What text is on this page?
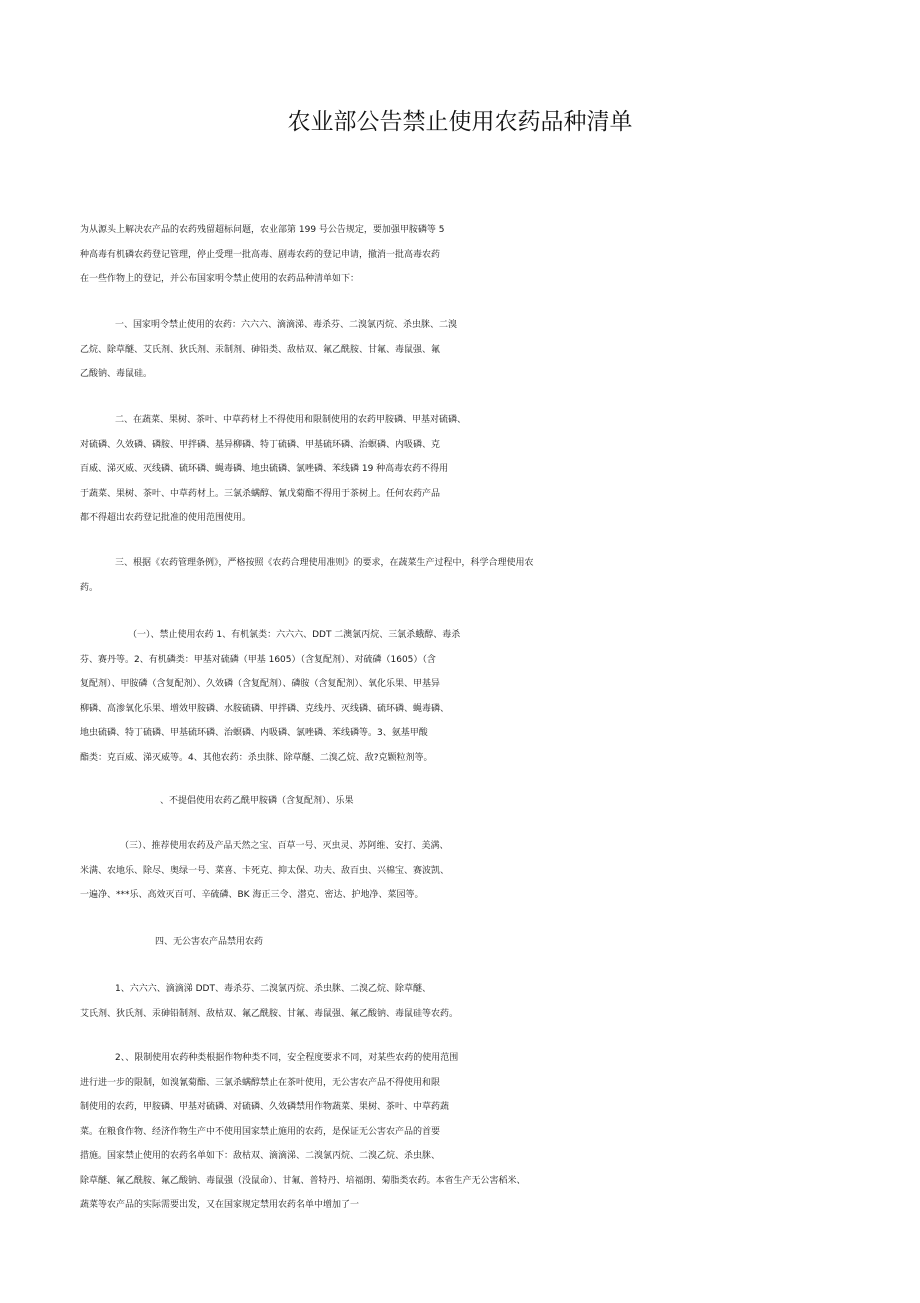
农业部公告禁止使用农药品种清单

为从源头上解决农产品的农药残留超标问题，农业部第 199 号公告规定，要加强甲胺磷等 5

种高毒有机磷农药登记管理，停止受理一批高毒、剧毒农药的登记申请，撤消一批高毒农药

在一些作物上的登记，并公布国家明令禁止使用的农药品种清单如下：

一、国家明令禁止使用的农药：六六六、滴滴涕、毒杀芬、二溴氯丙烷、杀虫脒、二溴

乙烷、除草醚、艾氏剂、狄氏剂、汞制剂、砷铅类、敌枯双、氟乙酰胺、甘氟、毒鼠强、氟

乙酸钠、毒鼠硅。

二、在蔬菜、果树、茶叶、中草药材上不得使用和限制使用的农药甲胺磷、甲基对硫磷、

对硫磷、久效磷、磷胺、甲拌磷、基异柳磷、特丁硫磷、甲基硫环磷、治螟磷、内吸磷、克

百威、涕灭威、灭线磷、硫环磷、蝇毒磷、地虫硫磷、氯唑磷、苯线磷 19 种高毒农药不得用

于蔬菜、果树、茶叶、中草药材上。三氯杀螨醇、氰戊菊酯不得用于茶树上。任何农药产品

都不得超出农药登记批准的使用范围使用。

三、根据《农药管理条例》，严格按照《农药合理使用准则》的要求，在蔬菜生产过程中，科学合理使用农

药。

（一）、禁止使用农药 1、有机氯类：六六六、DDT 二澳氯丙烷、三氯杀蛾醇、毒杀

芬、赛丹等。2、有机磷类：甲基对硫磷（甲基 1605）（含复配剂）、对硫磷（1605）（含

复配剂）、甲胺磷（含复配剂）、久效磷（含复配剂）、磷胺（含复配剂）、氧化乐果、甲基异

柳磷、高渗氧化乐果、增效甲胺磷、水胺硫磷、甲拌磷、克线丹、灭线磷、硫环磷、蝇毒磷、

地虫硫磷、特丁硫磷、甲基硫环磷、治螟磷、内吸磷、氯唑磷、苯线磷等。3、氨基甲酸

酯类：克百威、涕灭威等。4、其他农药：杀虫脒、除草醚、二溴乙烷、敌?克颗粒剂等。

、不提倡使用农药乙酰甲胺磷（含复配剂）、乐果

（三）、推荐使用农药及产品天然之宝、百草一号、灭虫灵、苏阿维、安打、美满、

米满、农地乐、除尽、奥绿一号、菜喜、卡死克、抑太保、功夫、敌百虫、兴棉宝、赛波凯、

一遍净、***乐、高效灭百可、辛硫磷、BK 海正三令、潜克、密达、护地净、菜园等。

四、无公害农产品禁用农药

1、六六六、滴滴涕 DDT、毒杀芬、二溴氯丙烷、杀虫脒、二溴乙烷、除草醚、

艾氏剂、狄氏剂、汞砷铅制剂、敌枯双、氟乙酰胺、甘氟、毒鼠强、氟乙酸钠、毒鼠硅等农药。

2、、限制使用农药种类根据作物种类不同，安全程度要求不同，对某些农药的使用范围

进行进一步的限制，如溴氰菊酯、三氯杀螨醇禁止在茶叶使用，无公害农产品不得使用和限

制使用的农药，甲胺磷、甲基对硫磷、对硫磷、久效磷禁用作物蔬菜、果树、茶叶、中草药蔬

菜。在粮食作物、经济作物生产中不使用国家禁止施用的农药，是保证无公害农产品的首要

措施。国家禁止使用的农药名单如下：敌枯双、滴滴涕、二溴氯丙烷、二溴乙烷、杀虫脒、

除草醚、氟乙酰胺、氟乙酸钠、毒鼠强（没鼠命）、甘氟、普特丹、培福朗、菊脂类农药。本省生产无公害稻米、

蔬菜等农产品的实际需要出发，又在国家规定禁用农药名单中增加了一
